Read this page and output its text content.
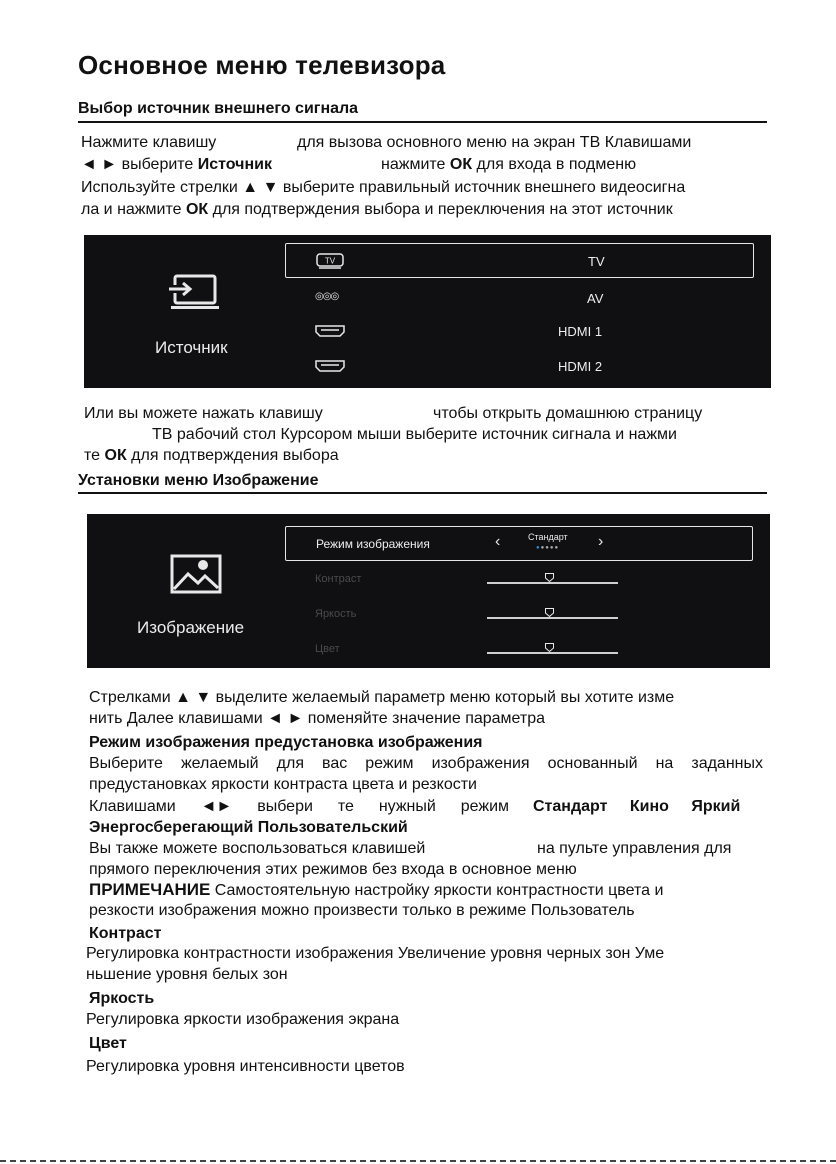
Основное меню телевизора
Выбор источник внешнего сигнала
Нажмите клавишу	для вызова основного меню на экран ТВ Клавишами
◄ ► выберите Источник	нажмите ОК для входа в подменю
Используйте стрелки ▲ ▼ выберите правильный источник внешнего видеосигна
ла и нажмите ОК для подтверждения выбора и переключения на этот источник
Источник
TV	TV
◎◎◎	AV
HDMI 1
HDMI 2
Или вы можете нажать клавишу	чтобы открыть домашнюю страницу
ТВ рабочий стол Курсором мыши выберите источник сигнала и нажми
те ОК для подтверждения выбора
Установки меню Изображение
Изображение
Режим изображения	‹	Стандарт
●●●●● ›
Контраст
Яркость
Цвет
Стрелками ▲ ▼ выделите желаемый параметр меню который вы хотите изме
нить Далее клавишами ◄ ► поменяйте значение параметра
Режим изображения предустановка изображения
Выберите желаемый для вас режим изображения основанный на заданных
предустановках яркости контраста цвета и резкости
Клавишами ◄► выбери те нужный режим Стандарт Кино Яркий
Энергосберегающий Пользовательский
Вы также можете воспользоваться клавишей	на пульте управления для
прямого переключения этих режимов без входа в основное меню
ПРИМЕЧАНИЕ Самостоятельную настройку яркости контрастности цвета и
резкости изображения можно произвести только в режиме Пользователь
Контраст
Регулировка контрастности изображения Увеличение уровня черных зон Уме
ньшение уровня белых зон
Яркость
Регулировка яркости изображения экрана
Цвет
Регулировка уровня интенсивности цветов
